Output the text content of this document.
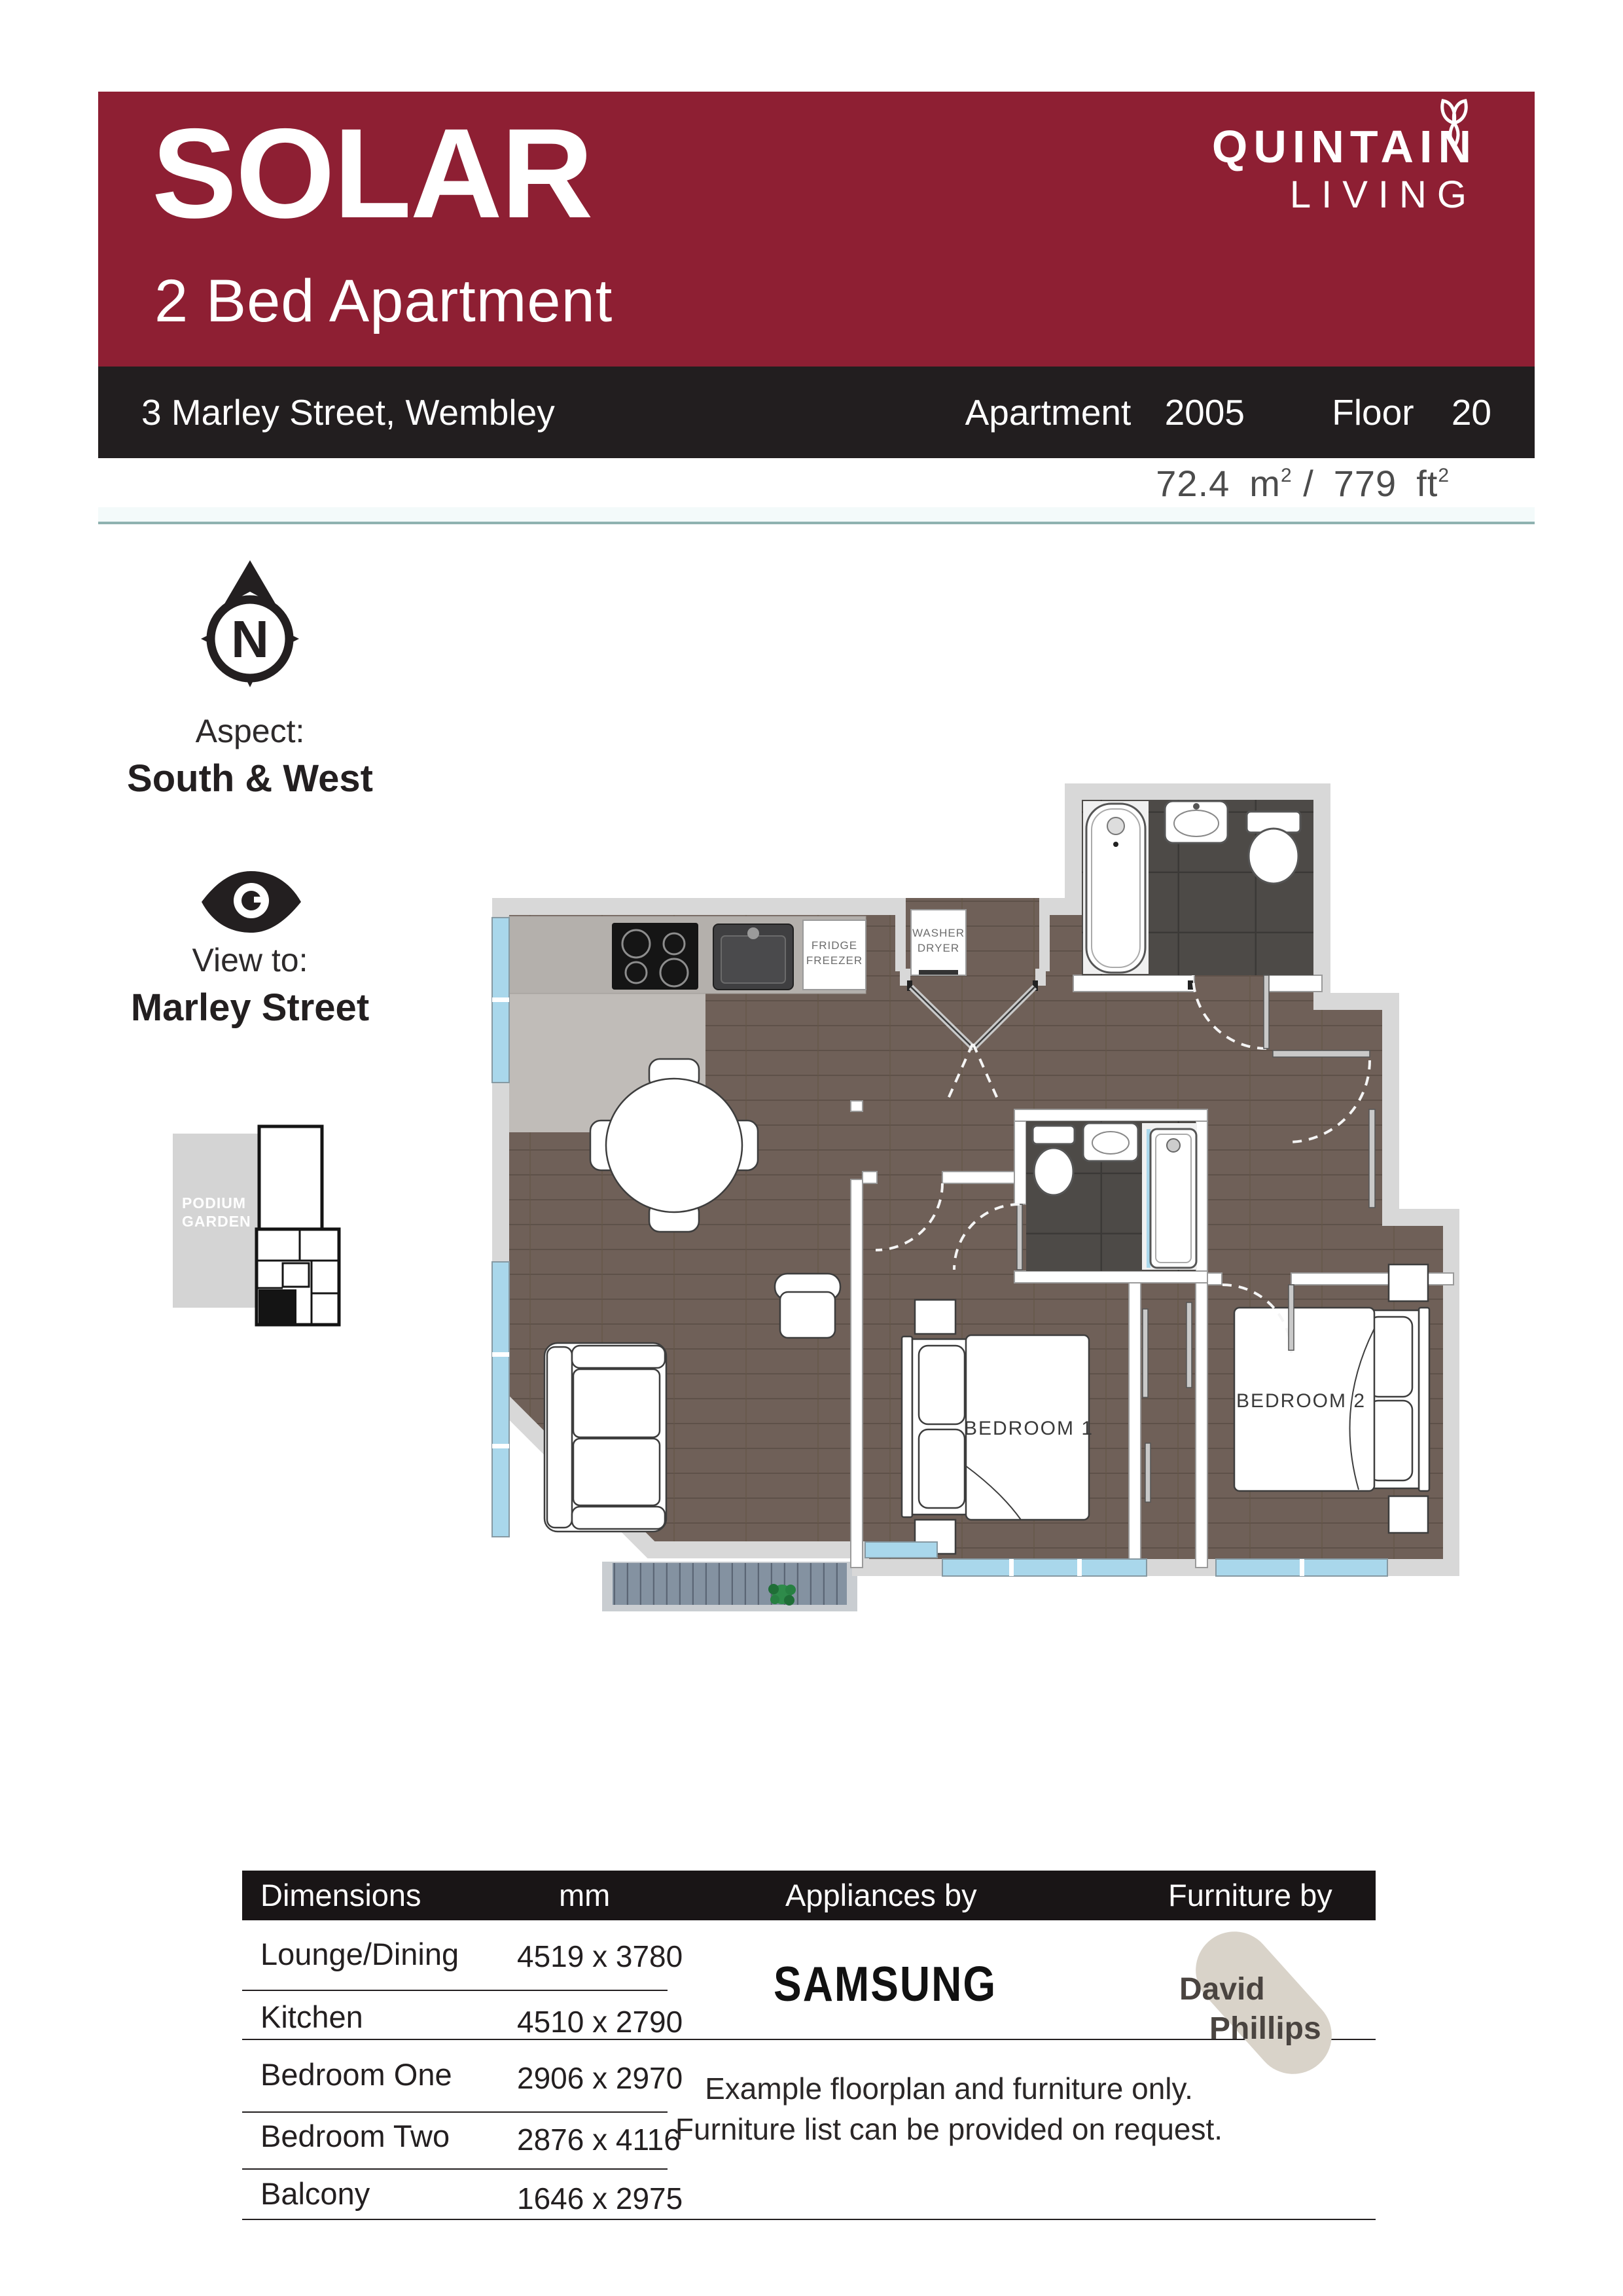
SOLAR
2 Bed Apartment
QUINTAIN
LIVING
3 Marley Street, Wembley	Apartment 2005 Floor 20
72.4 $m^2 / 779$ $ft^2$
N
Aspect:
South & West
View to:
Marley Street
PODIUM
GARDEN
FRIDGE
FREEZER
WASHER
DRYER
BEDROOM 1
BEDROOM 2
Dimensions	mm	Appliances by	Furniture by
Lounge/Dining 4519 x 3780
Kitchen	4510 x 2790
Bedroom One 2906 x 2970
Bedroom Two 2876 x 4116
Balcony	1646 x 2975
SAMSUNG	David
Phillips
Example floorplan and furniture only.
Furniture list can be provided on request.
